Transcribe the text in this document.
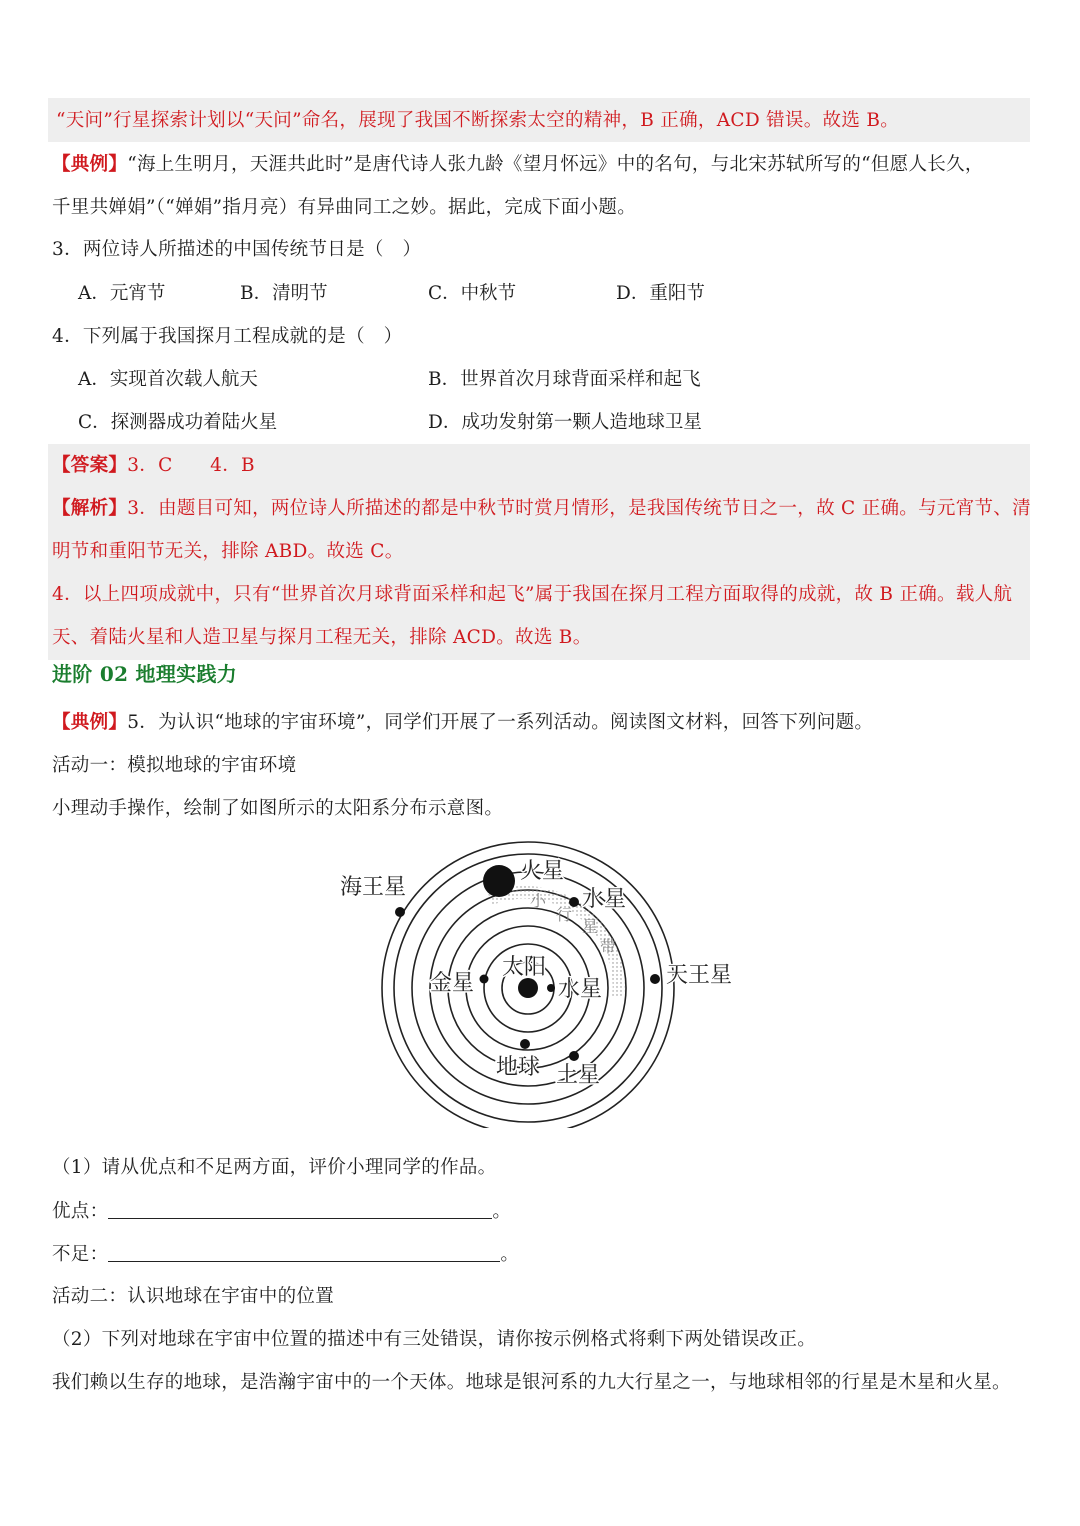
“天问”行星探索计划以“天问”命名，展现了我国不断探索太空的精神，B 正确，ACD 错误。故选 B。
【典例】“海上生明月，天涯共此时”是唐代诗人张九龄《望月怀远》中的名句，与北宋苏轼所写的“但愿人长久，
千里共婵娟”（“婵娟”指月亮）有异曲同工之妙。据此，完成下面小题。
3．两位诗人所描述的中国传统节日是（　）
A．元宵节	B．清明节	C．中秋节	D．重阳节
4．下列属于我国探月工程成就的是（　）
A．实现首次载人航天	B．世界首次月球背面采样和起飞
C．探测器成功着陆火星	D．成功发射第一颗人造地球卫星
【答案】3．C　　4．B
【解析】3．由题目可知，两位诗人所描述的都是中秋节时赏月情形，是我国传统节日之一，故 C 正确。与元宵节、清
明节和重阳节无关，排除 ABD。故选 C。
4．以上四项成就中，只有“世界首次月球背面采样和起飞”属于我国在探月工程方面取得的成就，故 B 正确。载人航
天、着陆火星和人造卫星与探月工程无关，排除 ACD。故选 B。
进阶 02 地理实践力
【典例】5．为认识“地球的宇宙环境”，同学们开展了一系列活动。阅读图文材料，回答下列问题。
活动一：模拟地球的宇宙环境
小理动手操作，绘制了如图所示的太阳系分布示意图。
海王星
火星
水星
太阳
金星	水星
天王星
地球 土星
小
行
星
带
（1）请从优点和不足两方面，评价小理同学的作品。
优点：	。
不足：	。
活动二：认识地球在宇宙中的位置
（2）下列对地球在宇宙中位置的描述中有三处错误，请你按示例格式将剩下两处错误改正。
我们赖以生存的地球，是浩瀚宇宙中的一个天体。地球是银河系的九大行星之一，与地球相邻的行星是木星和火星。
